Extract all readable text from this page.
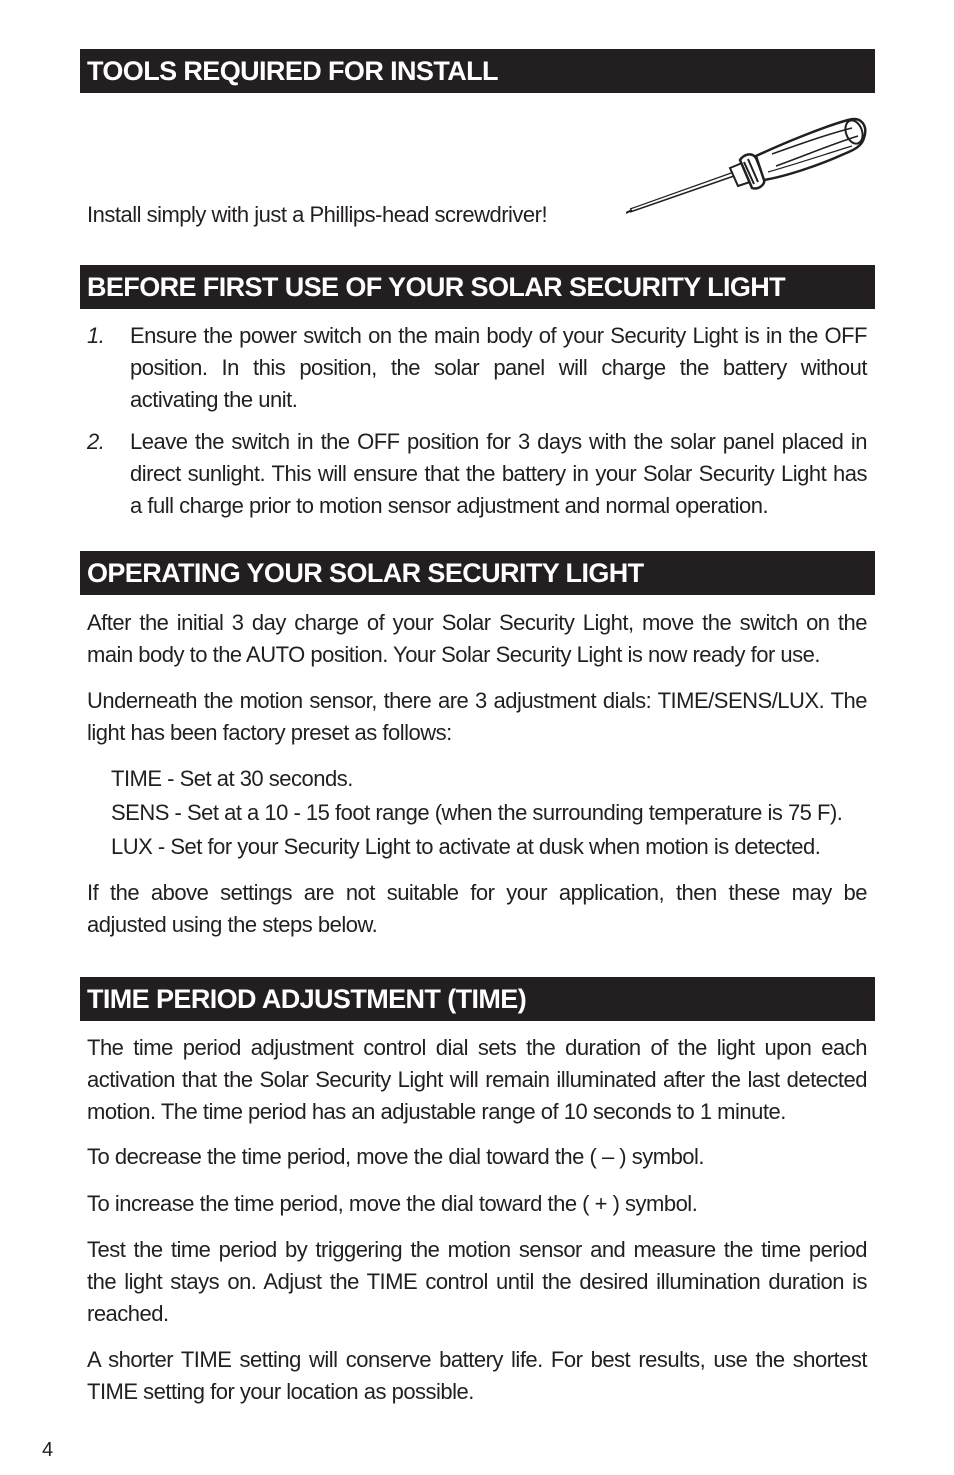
TOOLS REQUIRED FOR INSTALL
Install simply with just a Phillips-head screwdriver!
BEFORE FIRST USE OF YOUR SOLAR SECURITY LIGHT
1. Ensure the power switch on the main body of your Security Light is in the OFF position. In this position, the solar panel will charge the battery without activating the unit.
2. Leave the switch in the OFF position for 3 days with the solar panel placed in direct sunlight. This will ensure that the battery in your Solar Security Light has a full charge prior to motion sensor adjustment and normal operation.
OPERATING YOUR SOLAR SECURITY LIGHT
After the initial 3 day charge of your Solar Security Light, move the switch on the main body to the AUTO position. Your Solar Security Light is now ready for use.
Underneath the motion sensor, there are 3 adjustment dials: TIME/SENS/LUX. The light has been factory preset as follows:
TIME - Set at 30 seconds.
SENS - Set at a 10 - 15 foot range (when the surrounding temperature is 75 F).
LUX - Set for your Security Light to activate at dusk when motion is detected.
If the above settings are not suitable for your application, then these may be adjusted using the steps below.
TIME PERIOD ADJUSTMENT (TIME)
The time period adjustment control dial sets the duration of the light upon each activation that the Solar Security Light will remain illuminated after the last detected motion. The time period has an adjustable range of 10 seconds to 1 minute.
To decrease the time period, move the dial toward the ( – ) symbol.
To increase the time period, move the dial toward the ( + ) symbol.
Test the time period by triggering the motion sensor and measure the time period the light stays on. Adjust the TIME control until the desired illumination duration is reached.
A shorter TIME setting will conserve battery life. For best results, use the shortest TIME setting for your location as possible.
4
